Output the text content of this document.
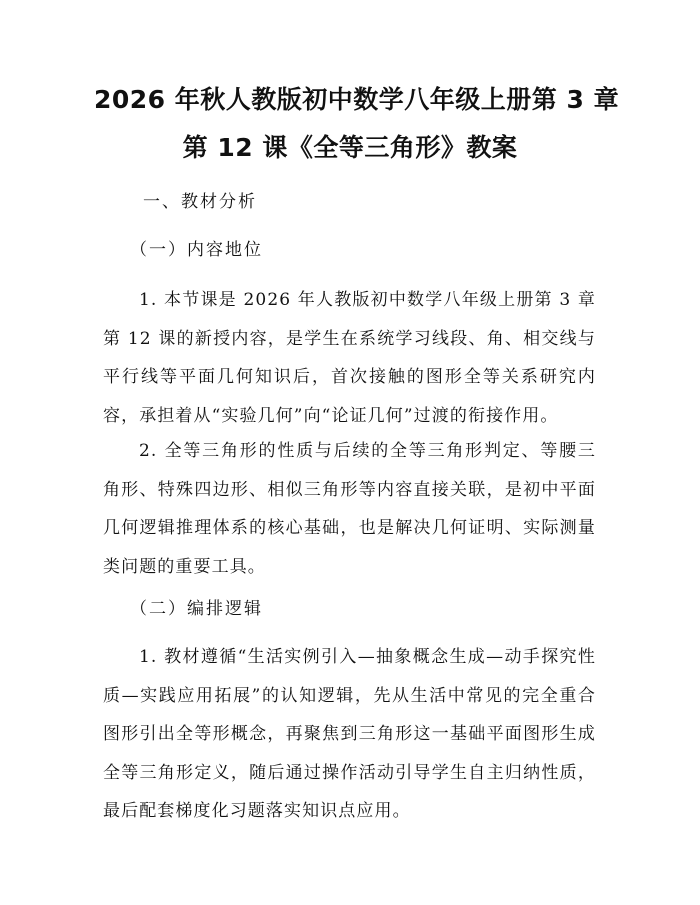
2026 年秋人教版初中数学八年级上册第 3 章
第 12 课《全等三角形》教案
一、教材分析
（一）内容地位

1. 本节课是 2026 年人教版初中数学八年级上册第 3 章第 12 课的新授内容，是学生在系统学习线段、角、相交线与平行线等平面几何知识后，首次接触的图形全等关系研究内容，承担着从“实验几何”向“论证几何”过渡的衔接作用。

2. 全等三角形的性质与后续的全等三角形判定、等腰三角形、特殊四边形、相似三角形等内容直接关联，是初中平面几何逻辑推理体系的核心基础，也是解决几何证明、实际测量类问题的重要工具。

（二）编排逻辑

1. 教材遵循“生活实例引入—抽象概念生成—动手探究性质—实践应用拓展”的认知逻辑，先从生活中常见的完全重合图形引出全等形概念，再聚焦到三角形这一基础平面图形生成全等三角形定义，随后通过操作活动引导学生自主归纳性质，最后配套梯度化习题落实知识点应用。
